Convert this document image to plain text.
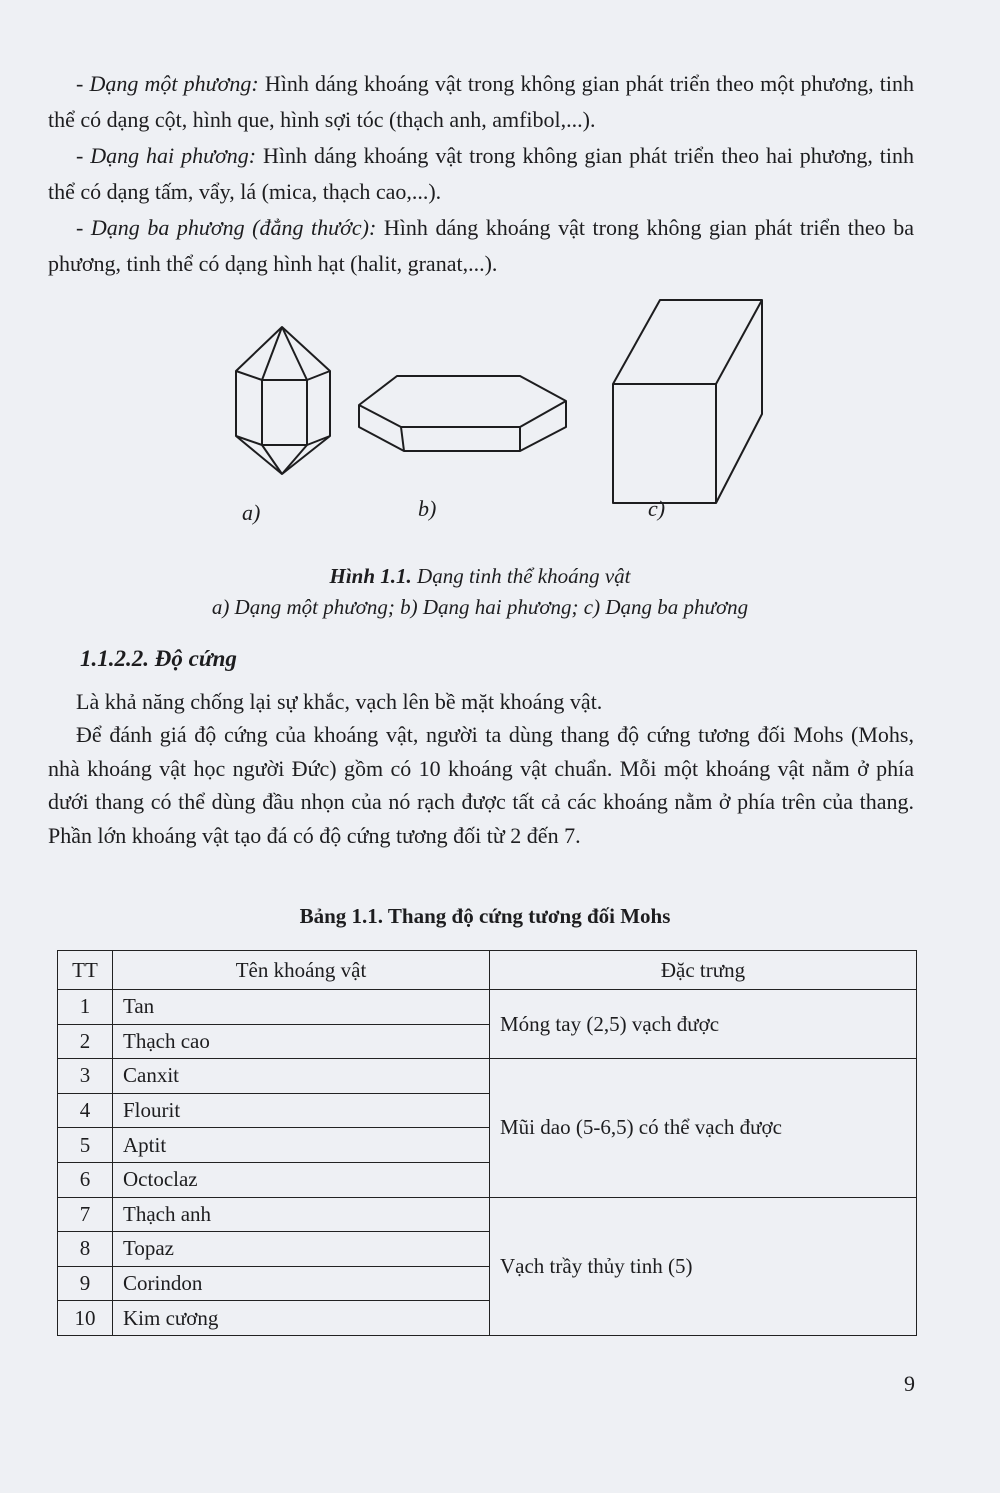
- Dạng một phương: Hình dáng khoáng vật trong không gian phát triển theo một phương, tinh thể có dạng cột, hình que, hình sợi tóc (thạch anh, amfibol,...).

- Dạng hai phương: Hình dáng khoáng vật trong không gian phát triển theo hai phương, tinh thể có dạng tấm, vẩy, lá (mica, thạch cao,...).

- Dạng ba phương (đẳng thước): Hình dáng khoáng vật trong không gian phát triển theo ba phương, tinh thể có dạng hình hạt (halit, granat,...).

a)	b)	c)
Hình 1.1. Dạng tinh thể khoáng vật
a) Dạng một phương; b) Dạng hai phương; c) Dạng ba phương
1.1.2.2. Độ cứng

Là khả năng chống lại sự khắc, vạch lên bề mặt khoáng vật.

Để đánh giá độ cứng của khoáng vật, người ta dùng thang độ cứng tương đối Mohs (Mohs, nhà khoáng vật học người Đức) gồm có 10 khoáng vật chuẩn. Mỗi một khoáng vật nằm ở phía dưới thang có thể dùng đầu nhọn của nó rạch được tất cả các khoáng nằm ở phía trên của thang. Phần lớn khoáng vật tạo đá có độ cứng tương đối từ 2 đến 7.

Bảng 1.1. Thang độ cứng tương đối Mohs
TT	Tên khoáng vật	Đặc trưng
1	Tan	Móng tay (2,5) vạch được
2	Thạch cao	
3	Canxit	Mũi dao (5-6,5) có thể vạch được
4	Flourit	
5	Aptit	
6	Octoclaz	
7	Thạch anh	Vạch trầy thủy tinh (5)
8	Topaz	
9	Corindon	
10	Kim cương	
9
